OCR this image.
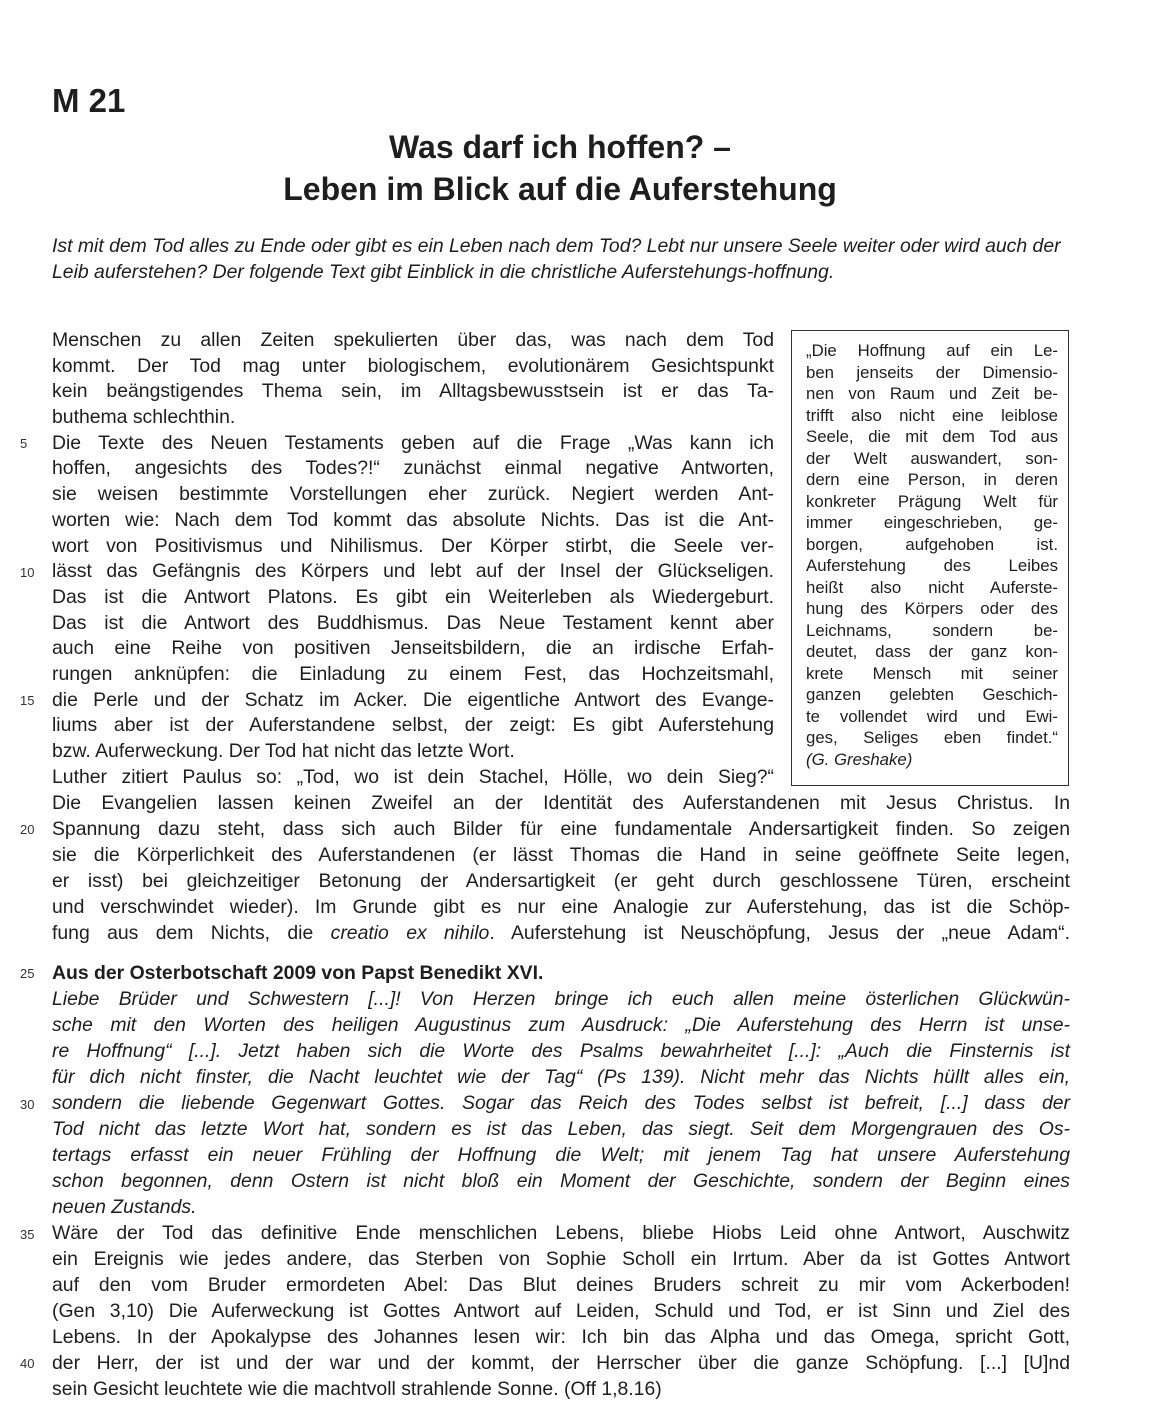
M 21
Was darf ich hoffen? –
Leben im Blick auf die Auferstehung

Ist mit dem Tod alles zu Ende oder gibt es ein Leben nach dem Tod? Lebt nur unsere Seele weiter oder wird auch der Leib auferstehen? Der folgende Text gibt Einblick in die christliche Auferstehungs-hoffnung.

5
10
15
20
25
30
35
40
Menschen zu allen Zeiten spekulierten über das, was nach dem Tod
kommt. Der Tod mag unter biologischem, evolutionärem Gesichtspunkt
kein beängstigendes Thema sein, im Alltagsbewusstsein ist er das Ta-
buthema schlechthin.
Die Texte des Neuen Testaments geben auf die Frage „Was kann ich
hoffen, angesichts des Todes?!“ zunächst einmal negative Antworten,
sie weisen bestimmte Vorstellungen eher zurück. Negiert werden Ant-
worten wie: Nach dem Tod kommt das absolute Nichts. Das ist die Ant-
wort von Positivismus und Nihilismus. Der Körper stirbt, die Seele ver-
lässt das Gefängnis des Körpers und lebt auf der Insel der Glückseligen.
Das ist die Antwort Platons. Es gibt ein Weiterleben als Wiedergeburt.
Das ist die Antwort des Buddhismus. Das Neue Testament kennt aber
auch eine Reihe von positiven Jenseitsbildern, die an irdische Erfah-
rungen anknüpfen: die Einladung zu einem Fest, das Hochzeitsmahl,
die Perle und der Schatz im Acker. Die eigentliche Antwort des Evange-
liums aber ist der Auferstandene selbst, der zeigt: Es gibt Auferstehung
bzw. Auferweckung. Der Tod hat nicht das letzte Wort.
Luther zitiert Paulus so: „Tod, wo ist dein Stachel, Hölle, wo dein Sieg?“
Die Evangelien lassen keinen Zweifel an der Identität des Auferstandenen mit Jesus Christus. In
Spannung dazu steht, dass sich auch Bilder für eine fundamentale Andersartigkeit finden. So zeigen
sie die Körperlichkeit des Auferstandenen (er lässt Thomas die Hand in seine geöffnete Seite legen,
er isst) bei gleichzeitiger Betonung der Andersartigkeit (er geht durch geschlossene Türen, erscheint
und verschwindet wieder). Im Grunde gibt es nur eine Analogie zur Auferstehung, das ist die Schöp-
fung aus dem Nichts, die creatio ex nihilo. Auferstehung ist Neuschöpfung, Jesus der „neue Adam“.
Aus der Osterbotschaft 2009 von Papst Benedikt XVI.
Liebe Brüder und Schwestern [...]! Von Herzen bringe ich euch allen meine österlichen Glückwün-
sche mit den Worten des heiligen Augustinus zum Ausdruck: „Die Auferstehung des Herrn ist unse-
re Hoffnung“ [...]. Jetzt haben sich die Worte des Psalms bewahrheitet [...]: „Auch die Finsternis ist
für dich nicht finster, die Nacht leuchtet wie der Tag“ (Ps 139). Nicht mehr das Nichts hüllt alles ein,
sondern die liebende Gegenwart Gottes. Sogar das Reich des Todes selbst ist befreit, [...] dass der
Tod nicht das letzte Wort hat, sondern es ist das Leben, das siegt. Seit dem Morgengrauen des Os-
tertags erfasst ein neuer Frühling der Hoffnung die Welt; mit jenem Tag hat unsere Auferstehung
schon begonnen, denn Ostern ist nicht bloß ein Moment der Geschichte, sondern der Beginn eines
neuen Zustands.
Wäre der Tod das definitive Ende menschlichen Lebens, bliebe Hiobs Leid ohne Antwort, Auschwitz
ein Ereignis wie jedes andere, das Sterben von Sophie Scholl ein Irrtum. Aber da ist Gottes Antwort
auf den vom Bruder ermordeten Abel: Das Blut deines Bruders schreit zu mir vom Ackerboden!
(Gen 3,10) Die Auferweckung ist Gottes Antwort auf Leiden, Schuld und Tod, er ist Sinn und Ziel des
Lebens. In der Apokalypse des Johannes lesen wir: Ich bin das Alpha und das Omega, spricht Gott,
der Herr, der ist und der war und der kommt, der Herrscher über die ganze Schöpfung. [...] [U]nd
sein Gesicht leuchtete wie die machtvoll strahlende Sonne. (Off 1,8.16)
„Die Hoffnung auf ein Le-
ben jenseits der Dimensio-
nen von Raum und Zeit be-
trifft also nicht eine leiblose
Seele, die mit dem Tod aus
der Welt auswandert, son-
dern eine Person, in deren
konkreter Prägung Welt für
immer eingeschrieben, ge-
borgen, aufgehoben ist.
Auferstehung des Leibes
heißt also nicht Auferste-
hung des Körpers oder des
Leichnams, sondern be-
deutet, dass der ganz kon-
krete Mensch mit seiner
ganzen gelebten Geschich-
te vollendet wird und Ewi-
ges, Seliges eben findet.“
(G. Greshake)
